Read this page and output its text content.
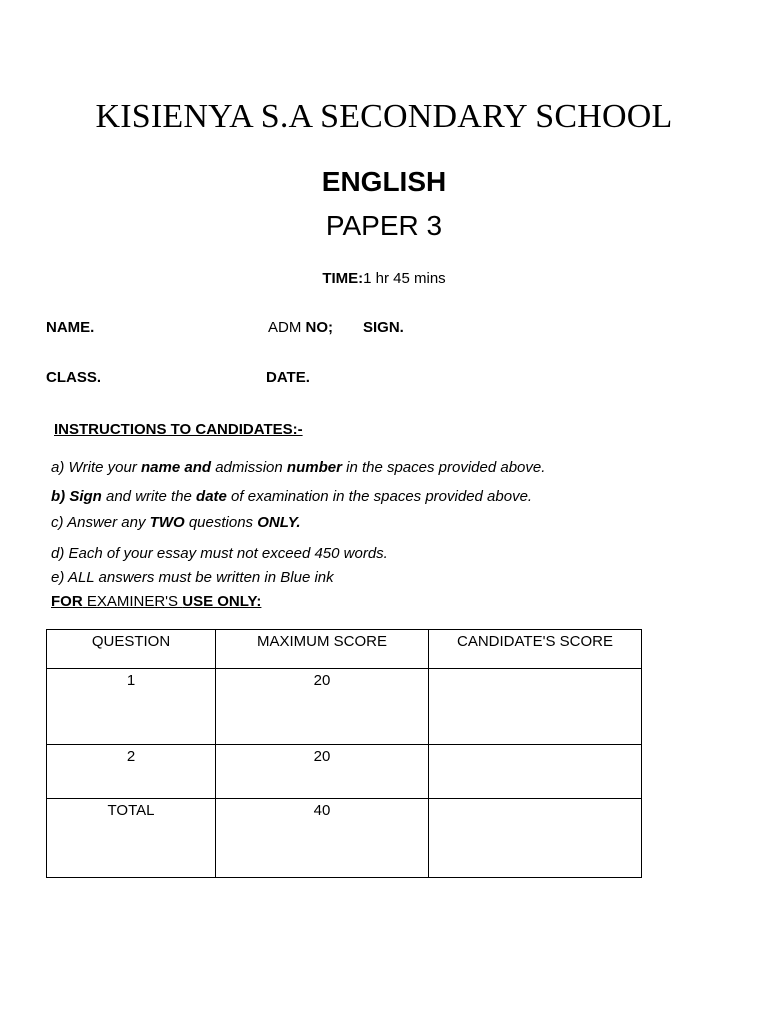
KISIENYA S.A SECONDARY SCHOOL
ENGLISH
PAPER 3
TIME:1 hr 45 mins
NAME.	ADM NO; SIGN.
CLASS.	DATE.
INSTRUCTIONS TO CANDIDATES:-
a) Write your name and admission number in the spaces provided above.
b) Sign and write the date of examination in the spaces provided above.
c) Answer any TWO questions ONLY.
d) Each of your essay must not exceed 450 words.
e) ALL answers must be written in Blue ink
FOR EXAMINER'S USE ONLY:
QUESTION	MAXIMUM SCORE	CANDIDATE'S SCORE
1	20	
2	20	
TOTAL	40	
